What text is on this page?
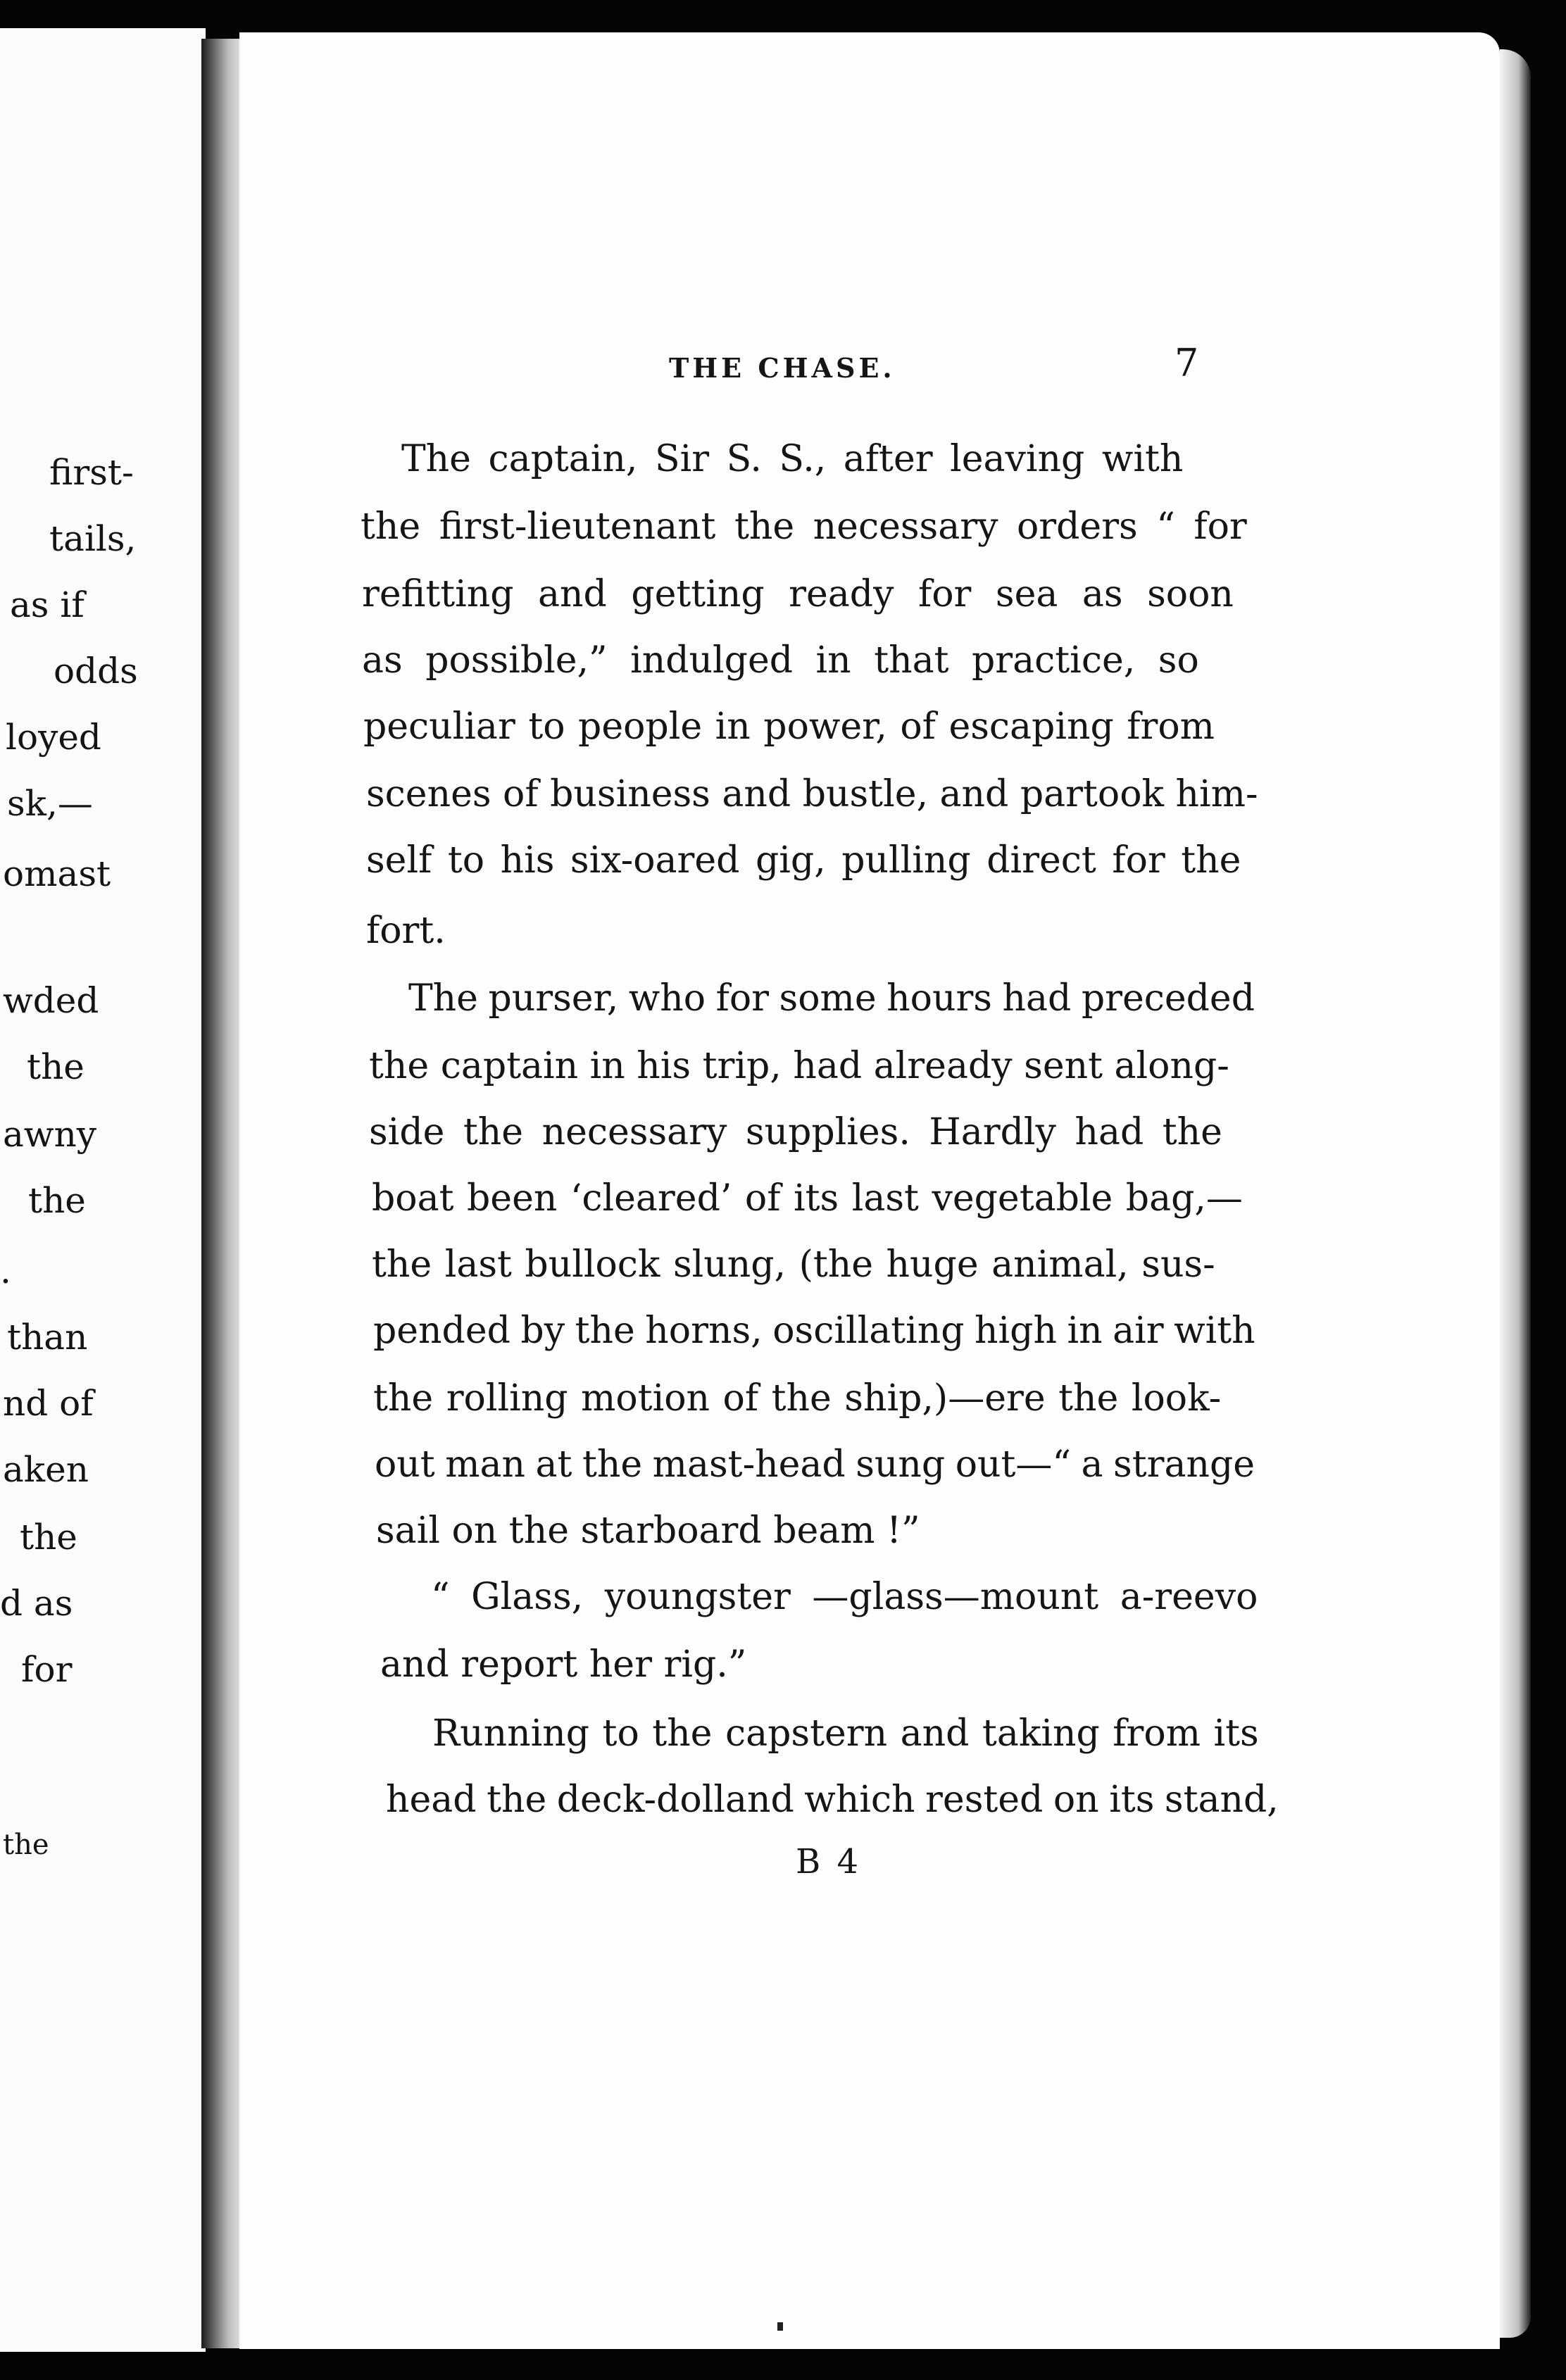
first-
tails,
as if
odds
loyed
sk,—
omast
wded
the
awny
the
.
than
nd of
aken
the
d as
for
the
THE CHASE.	7
The captain, Sir S. S., after leaving with
the first-lieutenant the necessary orders “ for
refitting and getting ready for sea as soon
as possible,” indulged in that practice, so
peculiar to people in power, of escaping from
scenes of business and bustle, and partook him-
self to his six-oared gig, pulling direct for the
fort.
The purser, who for some hours had preceded
the captain in his trip, had already sent along-
side the necessary supplies. Hardly had the
boat been ‘cleared’ of its last vegetable bag,—
the last bullock slung, (the huge animal, sus-
pended by the horns, oscillating high in air with
the rolling motion of the ship,)—ere the look-
out man at the mast-head sung out—“ a strange
sail on the starboard beam !”
“ Glass, youngster —glass—mount a-reevo
and report her rig.”
Running to the capstern and taking from its
head the deck-dolland which rested on its stand,
B 4
